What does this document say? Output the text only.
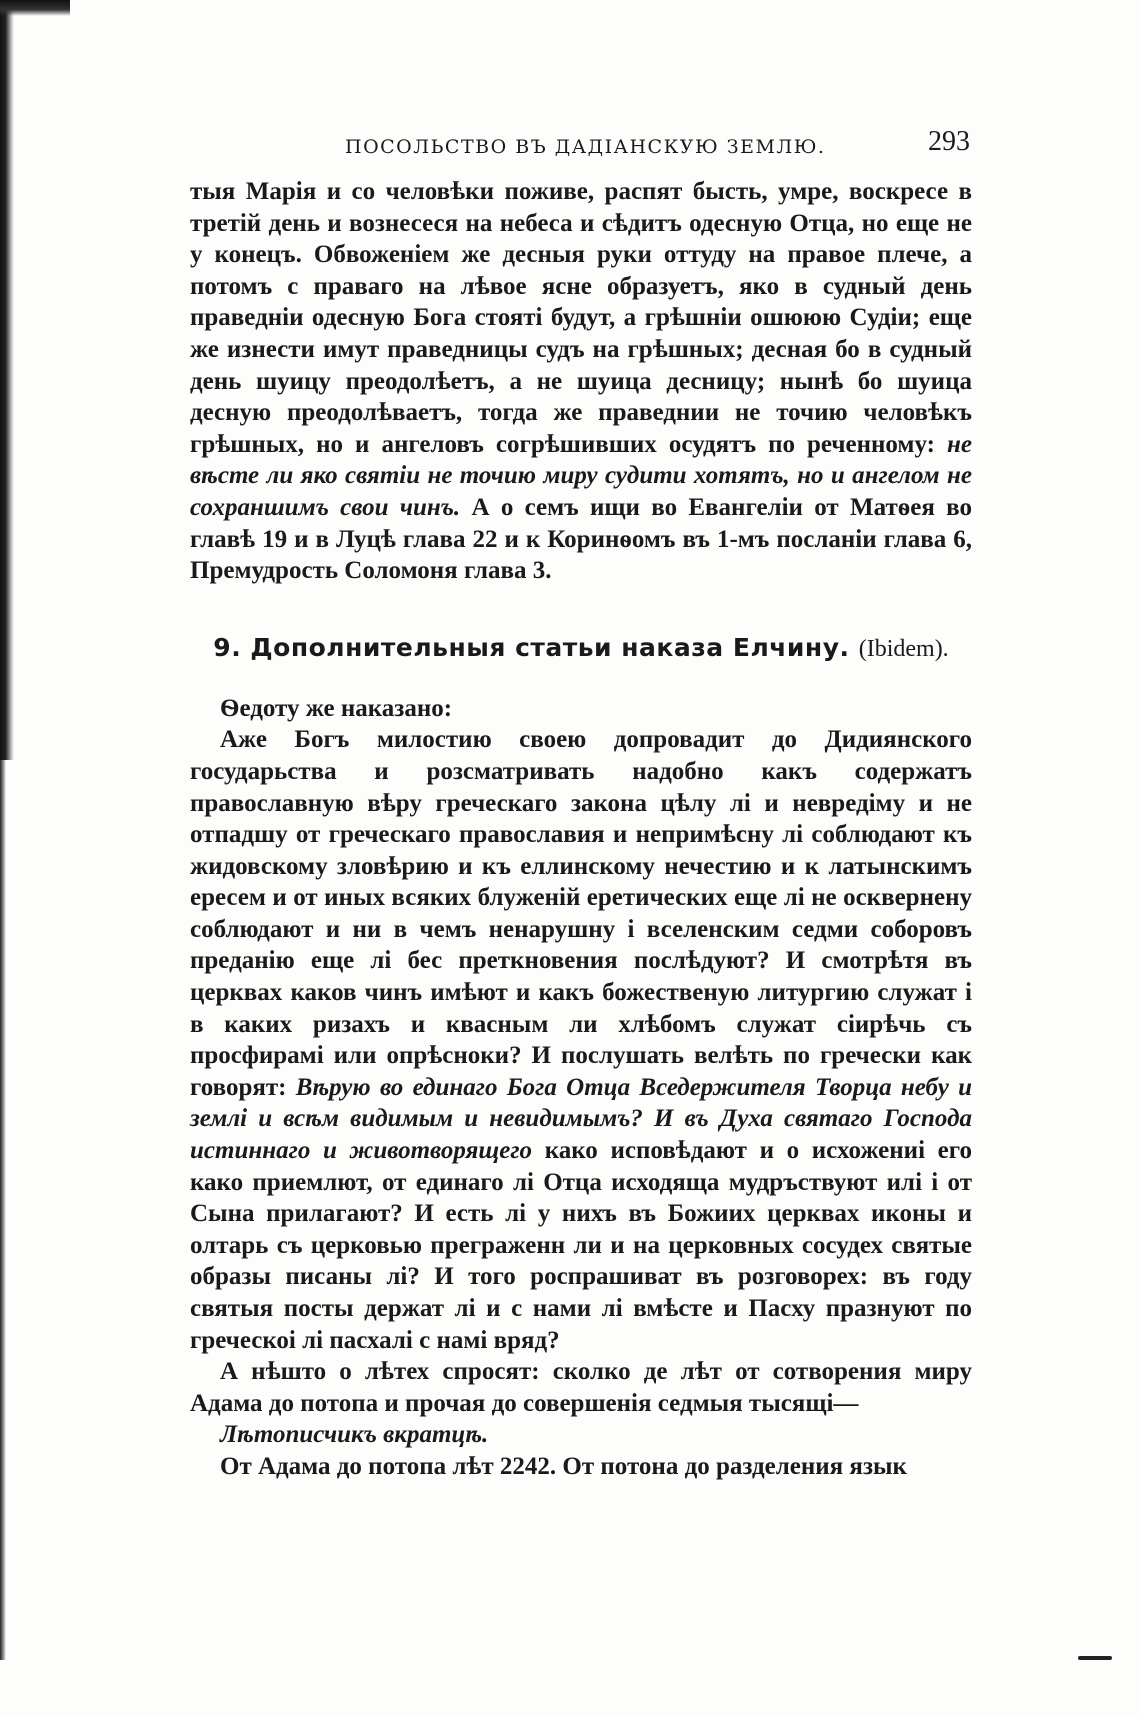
ПОСОЛЬСТВО ВЪ ДАДІАНСКУЮ ЗЕМЛЮ.	293

тыя Марія и со человѣки поживе, распят бысть, умре, воскресе в третій день и вознесеся на небеса и сѣдитъ одесную Отца, но еще не у конецъ. Обвоженіем же десныя руки оттуду на правое плече, а потомъ с праваго на лѣвое ясне образуетъ, яко в судный день праведніи одесную Бога стояті будут, а грѣшніи ошююю Судіи; еще же изнести имут праведницы судъ на грѣшных; десная бо в судный день шуицу преодолѣетъ, а не шуица десницу; нынѣ бо шуица десную преодолѣваетъ, тогда же праведнии не точию человѣкъ грѣшных, но и ангеловъ согрѣшивших осудятъ по реченному: не вѣсте ли яко святіи не точию миру судити хотятъ, но и ангелом не сохраншимъ свои чинъ. А о семъ ищи во Евангеліи от Матѳея во главѣ 19 и в Луцѣ глава 22 и к Коринѳомъ въ 1-мъ посланіи глава 6, Премудрость Соломоня глава 3.

9. Дополнительныя статьи наказа Елчину. (Ibidem).

Ѳедоту же наказано:

Аже Богъ милостию своею допровадит до Дидиянского государьства и розсматривать надобно какъ содержатъ православную вѣру греческаго закона цѣлу лі и невредіму и не отпадшу от греческаго православия и непримѣсну лі соблюдают къ жидовскому зловѣрию и къ еллинскому нечестию и к латынскимъ ересем и от иных всяких блуженій еретических еще лі не осквернену соблюдают и ни в чемъ ненарушну і вселенским седми соборовъ преданію еще лі бес преткновения послѣдуют? И смотрѣтя въ церквах каков чинъ имѣют и какъ божественую литургию служат і в каких ризахъ и квасным ли хлѣбомъ служат сіирѣчь съ просфирамі или опрѣсноки? И послушать велѣть по гречески как говорят: Вѣрую во единаго Бога Отца Вседержителя Творца небу и землі и всѣм видимым и невидимымъ? И въ Духа святаго Господа истиннаго и животворящего како исповѣдают и о исхожениі его како приемлют, от единаго лі Отца исходяща мудръствуют илі і от Сына прилагают? И есть лі у нихъ въ Божиих церквах иконы и олтарь съ церковью преграженн ли и на церковных сосудех святые образы писаны лі? И того роспрашиват въ розговорех: въ году святыя посты держат лі и с нами лі вмѣсте и Пасху празнуют по греческоі лі пасхалі с намі вряд?

А нѣшто о лѣтех спросят: сколко де лѣт от сотворения миру Адама до потопа и прочая до совершенія седмыя тысящі—

Лѣтописчикъ вкратцѣ.

От Адама до потопа лѣт 2242. От потона до разделения язык
